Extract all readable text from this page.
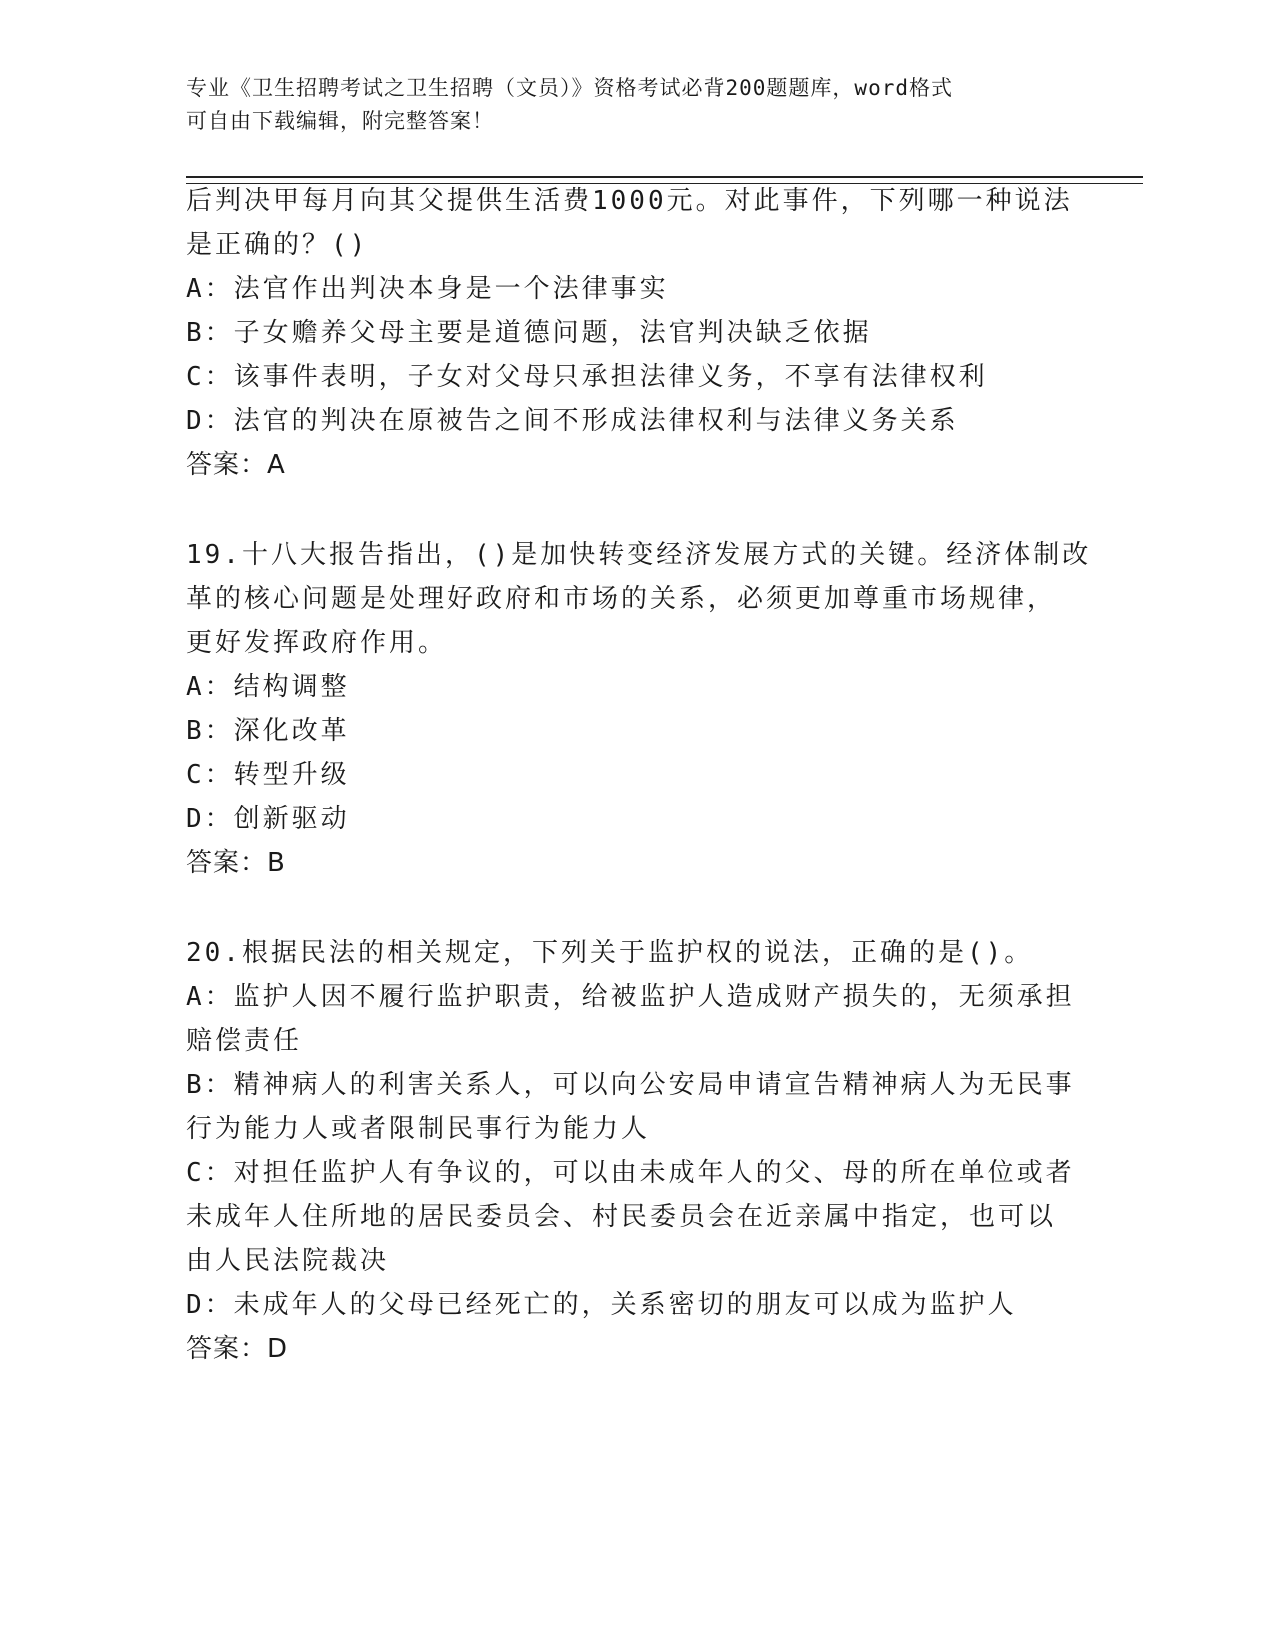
专业《卫生招聘考试之卫生招聘（文员）》资格考试必背200题题库，word格式
可自由下载编辑，附完整答案！
后判决甲每月向其父提供生活费1000元。对此事件，下列哪一种说法
是正确的？()
A：法官作出判决本身是一个法律事实
B：子女赡养父母主要是道德问题，法官判决缺乏依据
C：该事件表明，子女对父母只承担法律义务，不享有法律权利
D：法官的判决在原被告之间不形成法律权利与法律义务关系
答案：A
19.十八大报告指出，()是加快转变经济发展方式的关键。经济体制改
革的核心问题是处理好政府和市场的关系，必须更加尊重市场规律，
更好发挥政府作用。
A：结构调整
B：深化改革
C：转型升级
D：创新驱动
答案：B
20.根据民法的相关规定，下列关于监护权的说法，正确的是()。
A：监护人因不履行监护职责，给被监护人造成财产损失的，无须承担
赔偿责任
B：精神病人的利害关系人，可以向公安局申请宣告精神病人为无民事
行为能力人或者限制民事行为能力人
C：对担任监护人有争议的，可以由未成年人的父、母的所在单位或者
未成年人住所地的居民委员会、村民委员会在近亲属中指定，也可以
由人民法院裁决
D：未成年人的父母已经死亡的，关系密切的朋友可以成为监护人
答案：D
